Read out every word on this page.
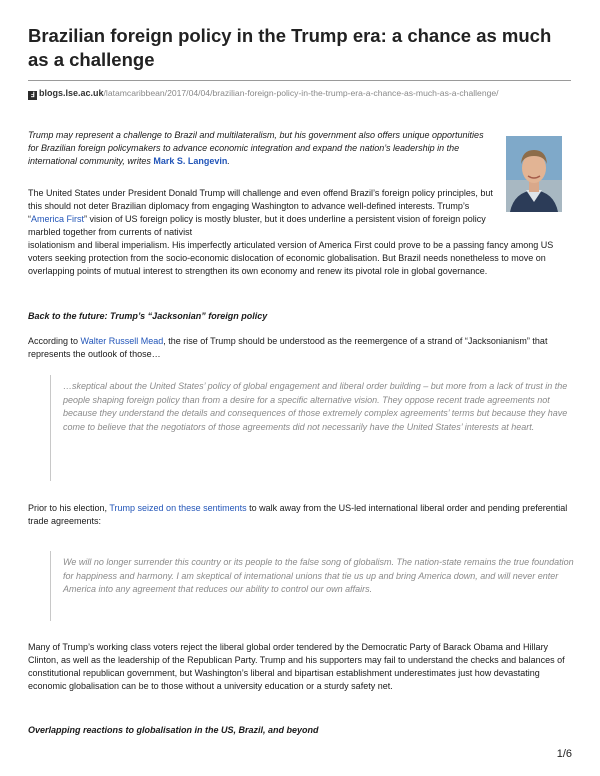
Brazilian foreign policy in the Trump era: a chance as much as a challenge
Ⅎ blogs.lse.ac.uk/latamcaribbean/2017/04/04/brazilian-foreign-policy-in-the-trump-era-a-chance-as-much-as-a-challenge/

Trump may represent a challenge to Brazil and multilateralism, but his government also offers unique opportunities for Brazilian foreign policymakers to advance economic integration and expand the nation’s leadership in the international community, writes Mark S. Langevin.

The United States under President Donald Trump will challenge and even offend Brazil’s foreign policy principles, but this should not deter Brazilian diplomacy from engaging Washington to advance well-defined interests. Trump’s “America First” vision of US foreign policy is mostly bluster, but it does underline a persistent vision of foreign policy marbled together from currents of nativist
isolationism and liberal imperialism. His imperfectly articulated version of America First could prove to be a passing fancy among US voters seeking protection from the socio-economic dislocation of economic globalisation. But Brazil needs nonetheless to move on overlapping points of mutual interest to strengthen its own economy and renew its pivotal role in global governance.

Back to the future: Trump’s “Jacksonian” foreign policy

According to Walter Russell Mead, the rise of Trump should be understood as the reemergence of a strand of “Jacksonianism” that represents the outlook of those…

…skeptical about the United States’ policy of global engagement and liberal order building – but more from a lack of trust in the people shaping foreign policy than from a desire for a specific alternative vision. They oppose recent trade agreements not because they understand the details and consequences of those extremely complex agreements’ terms but because they have come to believe that the negotiators of those agreements did not necessarily have the United States’ interests at heart.

Prior to his election, Trump seized on these sentiments to walk away from the US-led international liberal order and pending preferential trade agreements:

We will no longer surrender this country or its people to the false song of globalism. The nation-state remains the true foundation for happiness and harmony. I am skeptical of international unions that tie us up and bring America down, and will never enter America into any agreement that reduces our ability to control our own affairs.

Many of Trump’s working class voters reject the liberal global order tendered by the Democratic Party of Barack Obama and Hillary Clinton, as well as the leadership of the Republican Party. Trump and his supporters may fail to understand the checks and balances of constitutional republican government, but Washington’s liberal and bipartisan establishment underestimates just how devastating economic globalisation can be to those without a university education or a sturdy safety net.

Overlapping reactions to globalisation in the US, Brazil, and beyond

1/6
